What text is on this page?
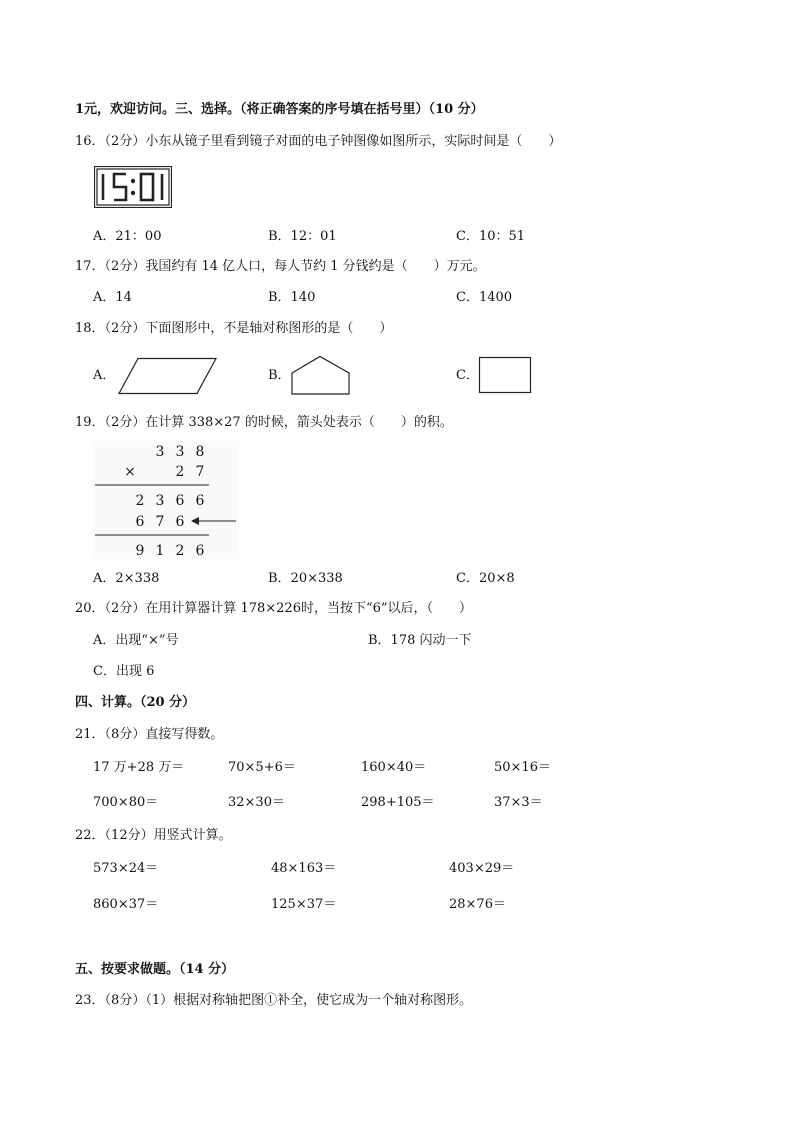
1元，欢迎访问。三、选择。（将正确答案的序号填在括号里）（10 分）
16．（2分）小东从镜子里看到镜子对面的电子钟图像如图所示，实际时间是（　　）
A．21：00	B．12：01	C．10：51
17．（2分）我国约有 14 亿人口，每人节约 1 分钱约是（　　）万元。
A．14	B．140	C．1400
18．（2分）下面图形中，不是轴对称图形的是（　　）
A．	B．	C．
19．（2分）在计算 338×27 的时候，箭头处表示（　　）的积。
3 3 8
×	2 7
2 3 6 6
6 7 6
9 1 2 6
A．2×338	B．20×338	C．20×8
20．（2分）在用计算器计算 178×226时，当按下“6”以后，（　　）
A．出现“×”号	B．178 闪动一下
C．出现 6
四、计算。（20 分）
21．（8分）直接写得数。
17 万+28 万＝	70×5+6＝	160×40＝	50×16＝
700×80＝	32×30＝	298+105＝	37×3＝
22．（12分）用竖式计算。
573×24＝	48×163＝	403×29＝
860×37＝	125×37＝	28×76＝
五、按要求做题。（14 分）
23．（8分）（1）根据对称轴把图①补全，使它成为一个轴对称图形。
